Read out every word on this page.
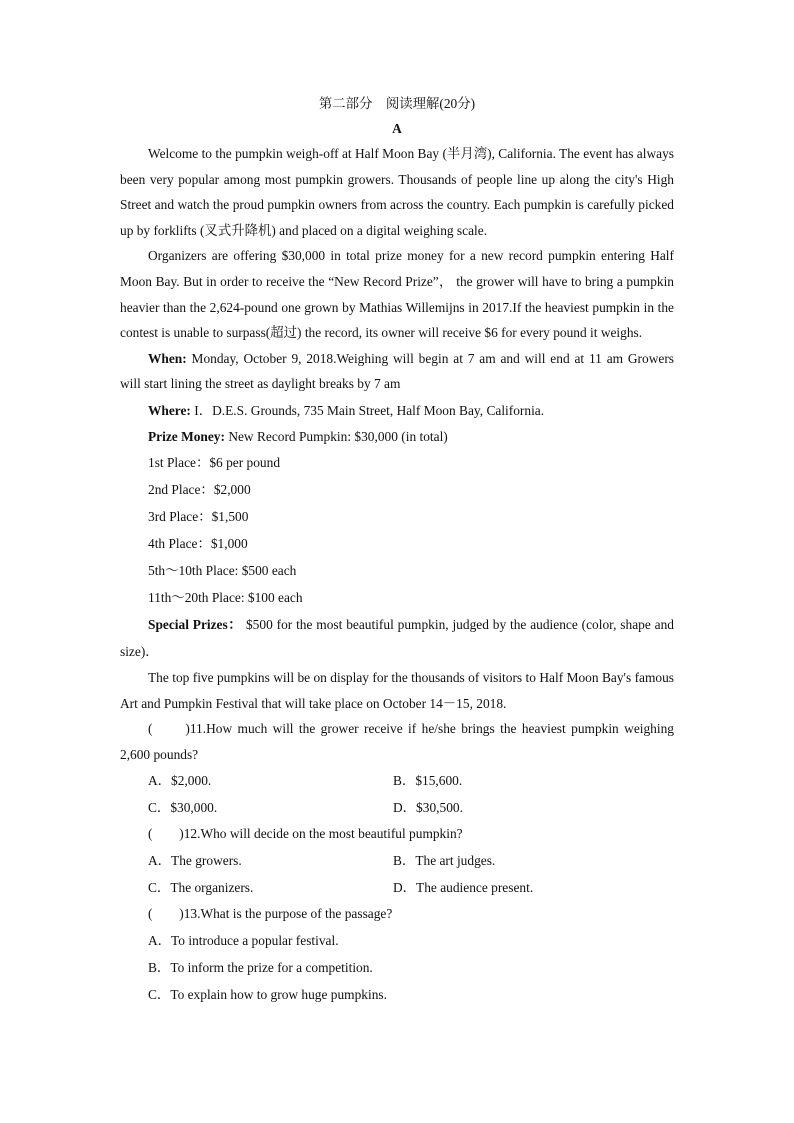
第二部分　阅读理解(20分)
A

Welcome to the pumpkin weigh-off at Half Moon Bay (半月湾), California. The event has always been very popular among most pumpkin growers. Thousands of people line up along the city's High Street and watch the proud pumpkin owners from across the country. Each pumpkin is carefully picked up by forklifts (叉式升降机) and placed on a digital weighing scale.

Organizers are offering $30,000 in total prize money for a new record pumpkin entering Half Moon Bay. But in order to receive the “New Record Prize”， the grower will have to bring a pumpkin heavier than the 2,624-pound one grown by Mathias Willemijns in 2017.If the heaviest pumpkin in the contest is unable to surpass(超过) the record, its owner will receive $6 for every pound it weighs.

When: Monday, October 9, 2018.Weighing will begin at 7 am and will end at 11 am Growers will start lining the street as daylight breaks by 7 am

Where: I．D.E.S. Grounds, 735 Main Street, Half Moon Bay, California.

Prize Money: New Record Pumpkin: $30,000 (in total)

1st Place：$6 per pound

2nd Place：$2,000

3rd Place：$1,500

4th Place：$1,000

5th～10th Place: $500 each

11th～20th Place: $100 each

Special Prizes： $500 for the most beautiful pumpkin, judged by the audience (color, shape and size)．

The top five pumpkins will be on display for the thousands of visitors to Half Moon Bay's famous Art and Pumpkin Festival that will take place on October 14－15, 2018.

(　　)11.How much will the grower receive if he/she brings the heaviest pumpkin weighing 2,600 pounds?

A．$2,000.	B．$15,600.
C．$30,000.	D．$30,500.

(　　)12.Who will decide on the most beautiful pumpkin?

A．The growers.	B．The art judges.
C．The organizers.	D．The audience present.

(　　)13.What is the purpose of the passage?

A．To introduce a popular festival.
B．To inform the prize for a competition.
C．To explain how to grow huge pumpkins.
